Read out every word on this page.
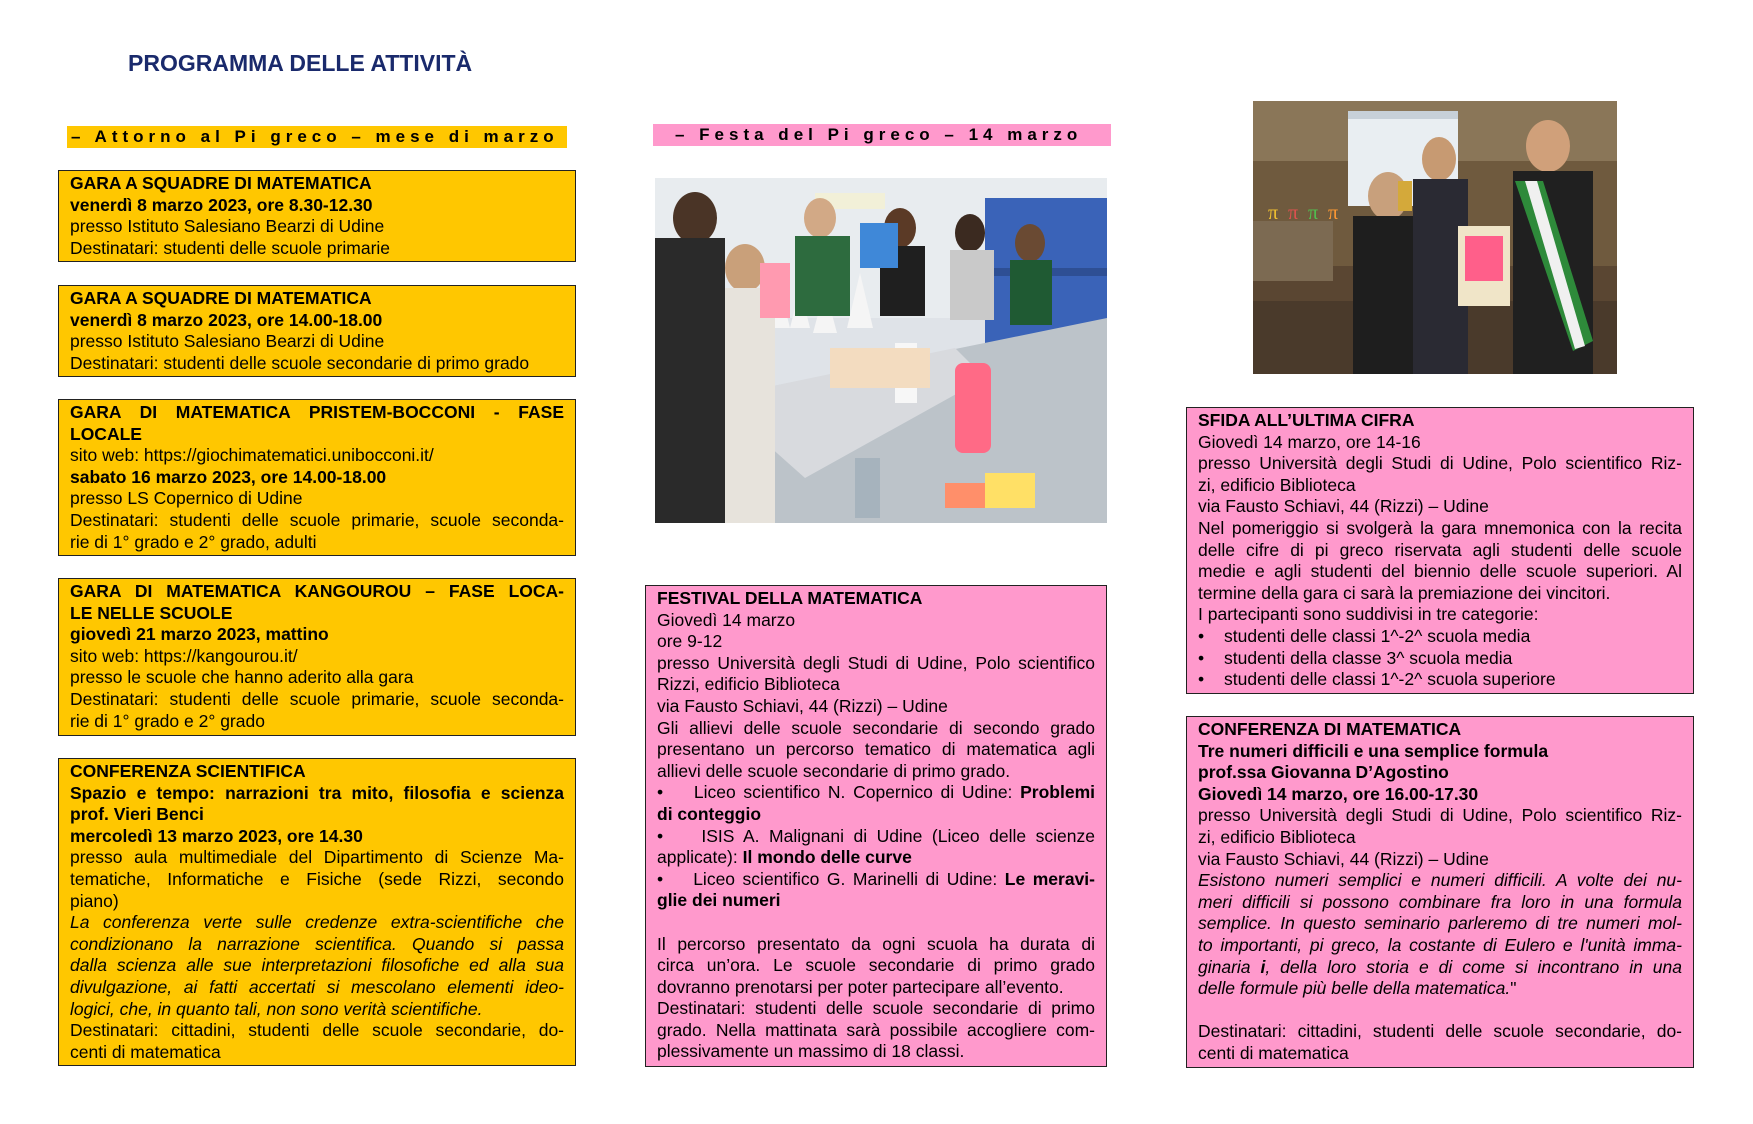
PROGRAMMA DELLE ATTIVITÀ
– Attorno al Pi greco – mese di marzo	– Festa del Pi greco – 14 marzo

GARA A SQUADRE DI MATEMATICA

venerdì 8 marzo 2023, ore 8.30-12.30

presso Istituto Salesiano Bearzi di Udine

Destinatari: studenti delle scuole primarie

GARA A SQUADRE DI MATEMATICA

venerdì 8 marzo 2023, ore 14.00-18.00

presso Istituto Salesiano Bearzi di Udine

Destinatari: studenti delle scuole secondarie di primo grado

GARA DI MATEMATICA PRISTEM-BOCCONI - FASE

LOCALE

sito web: https://giochimatematici.unibocconi.it/

sabato 16 marzo 2023, ore 14.00-18.00

presso LS Copernico di Udine

Destinatari: studenti delle scuole primarie, scuole seconda-

rie di 1° grado e 2° grado, adulti

GARA DI MATEMATICA KANGOUROU – FASE LOCA-

LE NELLE SCUOLE

giovedì 21 marzo 2023, mattino

sito web: https://kangourou.it/

presso le scuole che hanno aderito alla gara

Destinatari: studenti delle scuole primarie, scuole seconda-

rie di 1° grado e 2° grado

CONFERENZA SCIENTIFICA

Spazio e tempo: narrazioni tra mito, filosofia e scienza

prof. Vieri Benci

mercoledì 13 marzo 2023, ore 14.30

presso aula multimediale del Dipartimento di Scienze Ma-

tematiche, Informatiche e Fisiche (sede Rizzi, secondo

piano)

La conferenza verte sulle credenze extra-scientifiche che

condizionano la narrazione scientifica. Quando si passa

dalla scienza alle sue interpretazioni filosofiche ed alla sua

divulgazione, ai fatti accertati si mescolano elementi ideo-

logici, che, in quanto tali, non sono verità scientifiche.

Destinatari: cittadini, studenti delle scuole secondarie, do-

centi di matematica

π π π π

FESTIVAL DELLA MATEMATICA

Giovedì 14 marzo

ore 9-12

presso Università degli Studi di Udine, Polo scientifico

Rizzi, edificio Biblioteca

via Fausto Schiavi, 44 (Rizzi) – Udine

Gli allievi delle scuole secondarie di secondo grado

presentano un percorso tematico di matematica agli

allievi delle scuole secondarie di primo grado.

• Liceo scientifico N. Copernico di Udine: Problemi

di conteggio

• ISIS A. Malignani di Udine (Liceo delle scienze

applicate): Il mondo delle curve

• Liceo scientifico G. Marinelli di Udine: Le meravi-

glie dei numeri

Il percorso presentato da ogni scuola ha durata di

circa un’ora. Le scuole secondarie di primo grado

dovranno prenotarsi per poter partecipare all’evento.

Destinatari: studenti delle scuole secondarie di primo

grado. Nella mattinata sarà possibile accogliere com-

plessivamente un massimo di 18 classi.

SFIDA ALL’ULTIMA CIFRA

Giovedì 14 marzo, ore 14-16

presso Università degli Studi di Udine, Polo scientifico Riz-

zi, edificio Biblioteca

via Fausto Schiavi, 44 (Rizzi) – Udine

Nel pomeriggio si svolgerà la gara mnemonica con la recita

delle cifre di pi greco riservata agli studenti delle scuole

medie e agli studenti del biennio delle scuole superiori. Al

termine della gara ci sarà la premiazione dei vincitori.

I partecipanti sono suddivisi in tre categorie:

•	studenti delle classi 1^-2^ scuola media
•	studenti della classe 3^ scuola media
•	studenti delle classi 1^-2^ scuola superiore

CONFERENZA DI MATEMATICA

Tre numeri difficili e una semplice formula

prof.ssa Giovanna D’Agostino

Giovedì 14 marzo, ore 16.00-17.30

presso Università degli Studi di Udine, Polo scientifico Riz-

zi, edificio Biblioteca

via Fausto Schiavi, 44 (Rizzi) – Udine

Esistono numeri semplici e numeri difficili. A volte dei nu-

meri difficili si possono combinare fra loro in una formula

semplice. In questo seminario parleremo di tre numeri mol-

to importanti, pi greco, la costante di Eulero e l'unità imma-

ginaria i, della loro storia e di come si incontrano in una

delle formule più belle della matematica."

Destinatari: cittadini, studenti delle scuole secondarie, do-

centi di matematica
